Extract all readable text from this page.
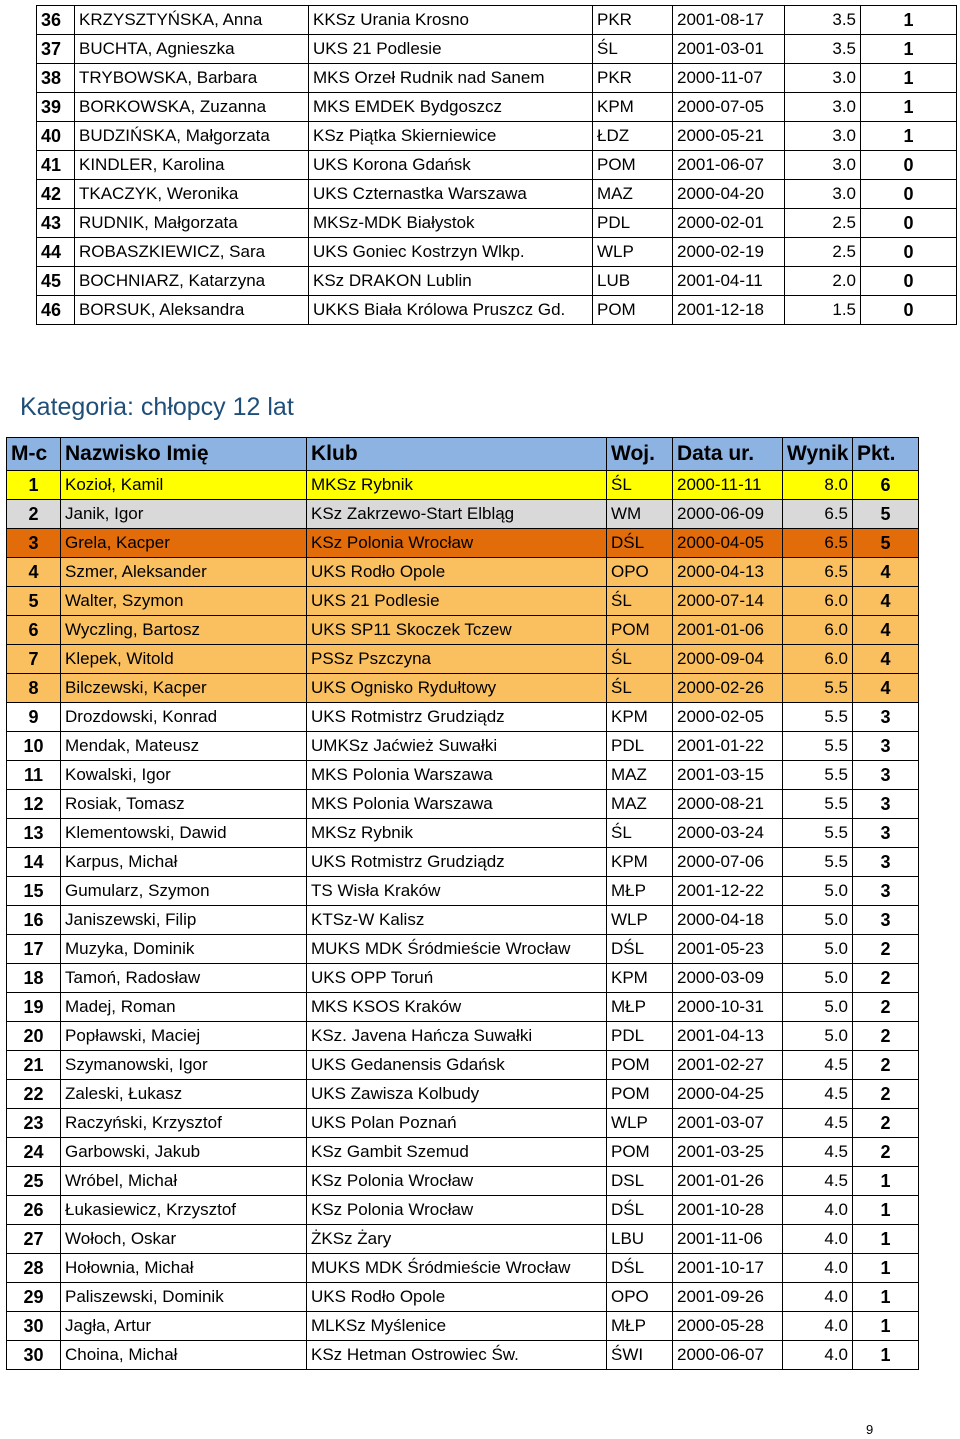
36	KRZYSZTYŃSKA, Anna	KKSz Urania Krosno	PKR	2001-08-17	3.5	1
37	BUCHTA, Agnieszka	UKS 21 Podlesie	ŚL	2001-03-01	3.5	1
38	TRYBOWSKA, Barbara	MKS Orzeł Rudnik nad Sanem	PKR	2000-11-07	3.0	1
39	BORKOWSKA, Zuzanna	MKS EMDEK Bydgoszcz	KPM	2000-07-05	3.0	1
40	BUDZIŃSKA, Małgorzata	KSz Piątka Skierniewice	ŁDZ	2000-05-21	3.0	1
41	KINDLER, Karolina	UKS Korona Gdańsk	POM	2001-06-07	3.0	0
42	TKACZYK, Weronika	UKS Czternastka Warszawa	MAZ	2000-04-20	3.0	0
43	RUDNIK, Małgorzata	MKSz-MDK Białystok	PDL	2000-02-01	2.5	0
44	ROBASZKIEWICZ, Sara	UKS Goniec Kostrzyn Wlkp.	WLP	2000-02-19	2.5	0
45	BOCHNIARZ, Katarzyna	KSz DRAKON Lublin	LUB	2001-04-11	2.0	0
46	BORSUK, Aleksandra	UKKS Biała Królowa Pruszcz Gd.	POM	2001-12-18	1.5	0
Kategoria: chłopcy 12 lat
M-c	Nazwisko Imię	Klub	Woj.	Data ur.	Wynik	Pkt.
1	Kozioł, Kamil	MKSz Rybnik	ŚL	2000-11-11	8.0	6
2	Janik, Igor	KSz Zakrzewo-Start Elbląg	WM	2000-06-09	6.5	5
3	Grela, Kacper	KSz Polonia Wrocław	DŚL	2000-04-05	6.5	5
4	Szmer, Aleksander	UKS Rodło Opole	OPO	2000-04-13	6.5	4
5	Walter, Szymon	UKS 21 Podlesie	ŚL	2000-07-14	6.0	4
6	Wyczling, Bartosz	UKS SP11 Skoczek Tczew	POM	2001-01-06	6.0	4
7	Klepek, Witold	PSSz Pszczyna	ŚL	2000-09-04	6.0	4
8	Bilczewski, Kacper	UKS Ognisko Rydułtowy	ŚL	2000-02-26	5.5	4
9	Drozdowski, Konrad	UKS Rotmistrz Grudziądz	KPM	2000-02-05	5.5	3
10	Mendak, Mateusz	UMKSz Jaćwież Suwałki	PDL	2001-01-22	5.5	3
11	Kowalski, Igor	MKS Polonia Warszawa	MAZ	2001-03-15	5.5	3
12	Rosiak, Tomasz	MKS Polonia Warszawa	MAZ	2000-08-21	5.5	3
13	Klementowski, Dawid	MKSz Rybnik	ŚL	2000-03-24	5.5	3
14	Karpus, Michał	UKS Rotmistrz Grudziądz	KPM	2000-07-06	5.5	3
15	Gumularz, Szymon	TS Wisła Kraków	MŁP	2001-12-22	5.0	3
16	Janiszewski, Filip	KTSz-W Kalisz	WLP	2000-04-18	5.0	3
17	Muzyka, Dominik	MUKS MDK Śródmieście Wrocław	DŚL	2001-05-23	5.0	2
18	Tamoń, Radosław	UKS OPP Toruń	KPM	2000-03-09	5.0	2
19	Madej, Roman	MKS KSOS Kraków	MŁP	2000-10-31	5.0	2
20	Popławski, Maciej	KSz. Javena Hańcza Suwałki	PDL	2001-04-13	5.0	2
21	Szymanowski, Igor	UKS Gedanensis Gdańsk	POM	2001-02-27	4.5	2
22	Zaleski, Łukasz	UKS Zawisza Kolbudy	POM	2000-04-25	4.5	2
23	Raczyński, Krzysztof	UKS Polan Poznań	WLP	2001-03-07	4.5	2
24	Garbowski, Jakub	KSz Gambit Szemud	POM	2001-03-25	4.5	2
25	Wróbel, Michał	KSz Polonia Wrocław	DSL	2001-01-26	4.5	1
26	Łukasiewicz, Krzysztof	KSz Polonia Wrocław	DŚL	2001-10-28	4.0	1
27	Wołoch, Oskar	ŻKSz Żary	LBU	2001-11-06	4.0	1
28	Hołownia, Michał	MUKS MDK Śródmieście Wrocław	DŚL	2001-10-17	4.0	1
29	Paliszewski, Dominik	UKS Rodło Opole	OPO	2001-09-26	4.0	1
30	Jagła, Artur	MLKSz Myślenice	MŁP	2000-05-28	4.0	1
30	Choina, Michał	KSz Hetman Ostrowiec Św.	ŚWI	2000-06-07	4.0	1
9
